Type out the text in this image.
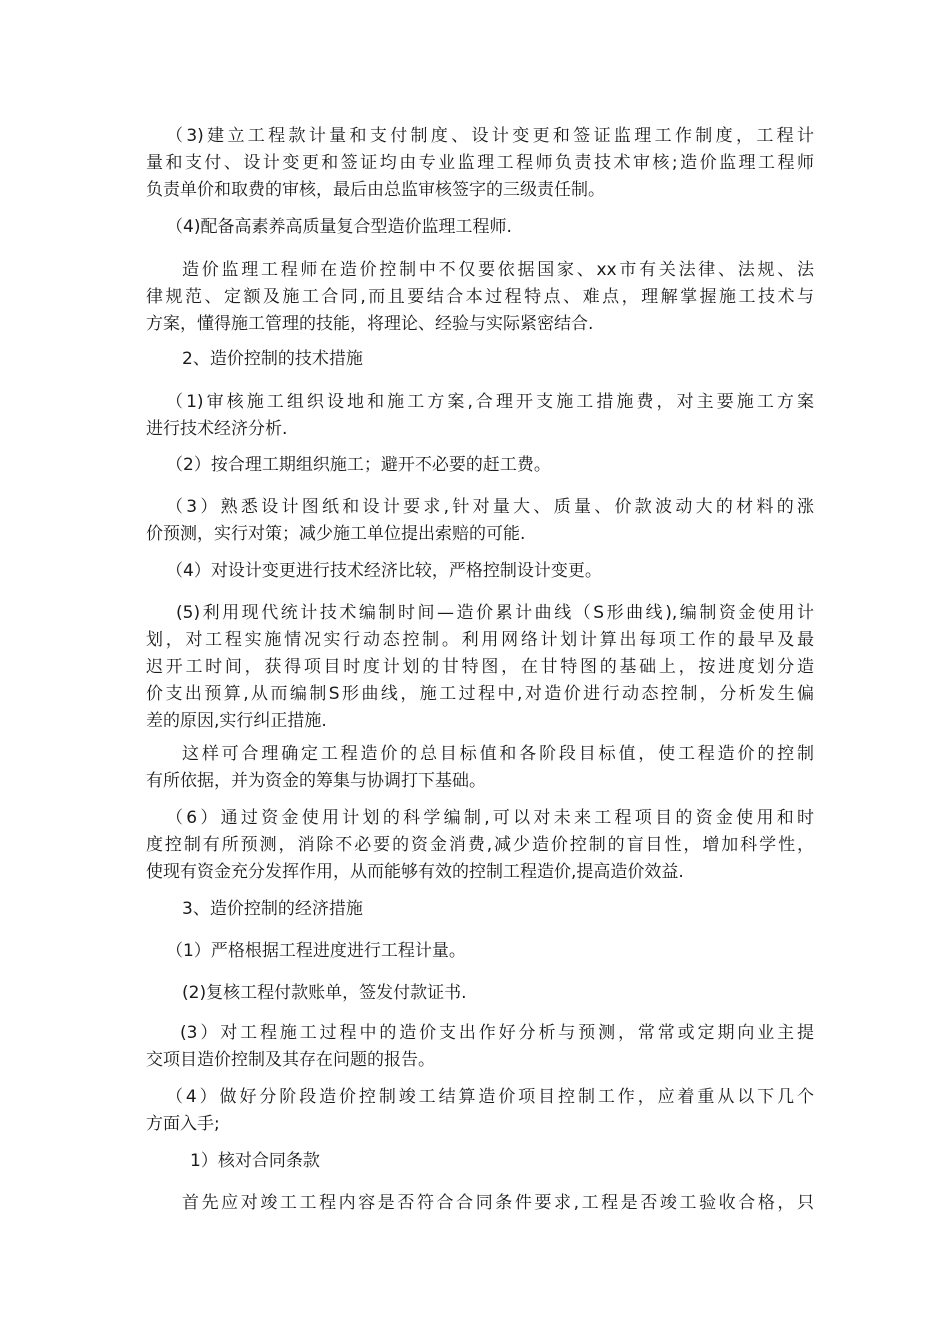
（3)建立工程款计量和支付制度、设计变更和签证监理工作制度，工程计
量和支付、设计变更和签证均由专业监理工程师负责技术审核;造价监理工程师
负责单价和取费的审核，最后由总监审核签字的三级责任制。
（4)配备高素养高质量复合型造价监理工程师.
造价监理工程师在造价控制中不仅要依据国家、xx市有关法律、法规、法
律规范、定额及施工合同,而且要结合本过程特点、难点，理解掌握施工技术与
方案，懂得施工管理的技能，将理论、经验与实际紧密结合.
2、造价控制的技术措施
（1)审核施工组织设地和施工方案,合理开支施工措施费，对主要施工方案
进行技术经济分析.
（2）按合理工期组织施工；避开不必要的赶工费。
（3）熟悉设计图纸和设计要求,针对量大、质量、价款波动大的材料的涨
价预测，实行对策；减少施工单位提出索赔的可能.
（4）对设计变更进行技术经济比较，严格控制设计变更。
(5)利用现代统计技术编制时间—造价累计曲线（S形曲线),编制资金使用计
划，对工程实施情况实行动态控制。利用网络计划计算出每项工作的最早及最
迟开工时间，获得项目时度计划的甘特图，在甘特图的基础上，按进度划分造
价支出预算,从而编制S形曲线，施工过程中,对造价进行动态控制，分析发生偏
差的原因,实行纠正措施.
这样可合理确定工程造价的总目标值和各阶段目标值，使工程造价的控制
有所依据，并为资金的筹集与协调打下基础。
（6）通过资金使用计划的科学编制,可以对未来工程项目的资金使用和时
度控制有所预测，消除不必要的资金消费,减少造价控制的盲目性，增加科学性，
使现有资金充分发挥作用，从而能够有效的控制工程造价,提高造价效益.
3、造价控制的经济措施
（1）严格根据工程进度进行工程计量。
(2)复核工程付款账单，签发付款证书.
(3）对工程施工过程中的造价支出作好分析与预测，常常或定期向业主提
交项目造价控制及其存在问题的报告。
（4）做好分阶段造价控制竣工结算造价项目控制工作，应着重从以下几个
方面入手;
1）核对合同条款
首先应对竣工工程内容是否符合合同条件要求,工程是否竣工验收合格，只
